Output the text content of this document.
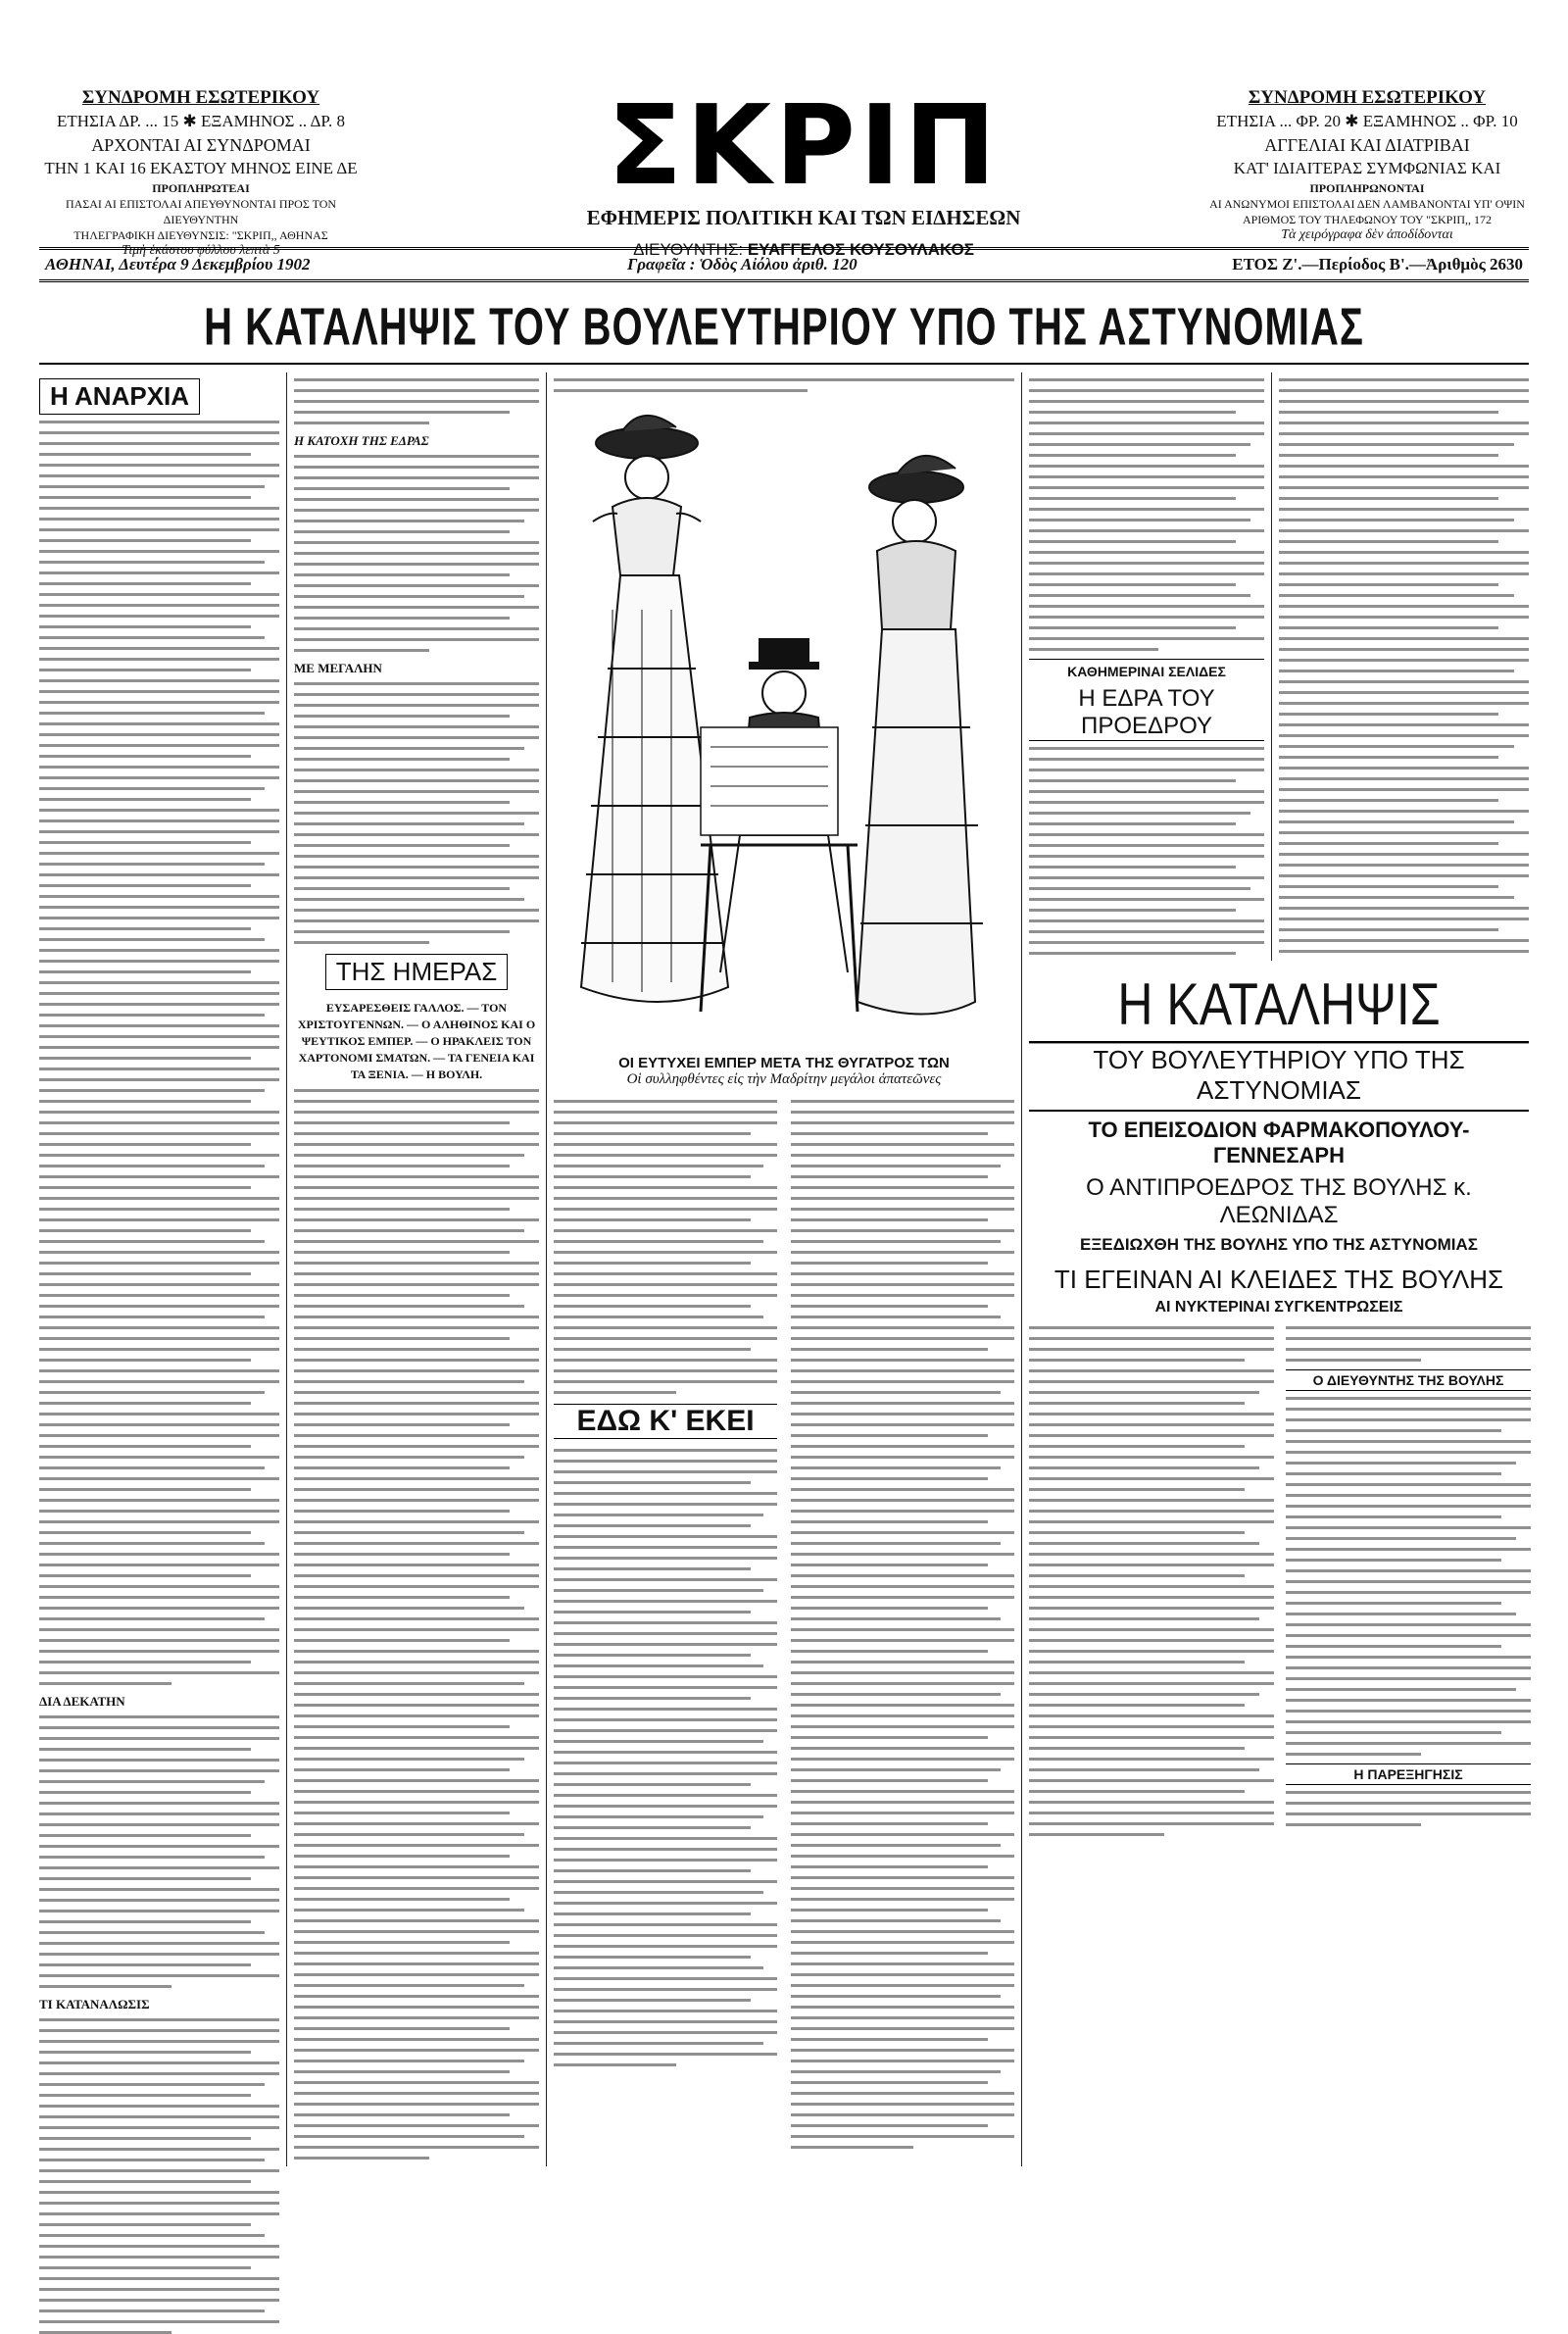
ΣΥΝΔΡΟΜΗ ΕΣΩΤΕΡΙΚΟΥ
ΕΤΗΣΙΑ ΔΡ. ... 15 ✱ ΕΞΑΜΗΝΟΣ .. ΔΡ. 8
ΑΡΧΟΝΤΑΙ ΑΙ ΣΥΝΔΡΟΜΑΙ
ΤΗΝ 1 ΚΑΙ 16 ΕΚΑΣΤΟΥ ΜΗΝΟΣ ΕΙΝΕ ΔΕ
ΠΡΟΠΛΗΡΩΤΕΑΙ
ΠΑΣΑΙ ΑΙ ΕΠΙΣΤΟΛΑΙ ΑΠΕΥΘΥΝΟΝΤΑΙ ΠΡΟΣ ΤΟΝ ΔΙΕΥΘΥΝΤΗΝ
ΤΗΛΕΓΡΑΦΙΚΗ ΔΙΕΥΘΥΝΣΙΣ: "ΣΚΡΙΠ,, ΑΘΗΝΑΣ
Τιμὴ ἑκάστου φύλλου λεπτὰ 5
ΣΚΡΙΠ
ΕΦΗΜΕΡΙΣ ΠΟΛΙΤΙΚΗ ΚΑΙ ΤΩΝ ΕΙΔΗΣΕΩΝ
ΔΙΕΥΘΥΝΤΗΣ: ΕΥΑΓΓΕΛΟΣ ΚΟΥΣΟΥΛΑΚΟΣ
ΣΥΝΔΡΟΜΗ ΕΣΩΤΕΡΙΚΟΥ
ΕΤΗΣΙΑ ... ΦΡ. 20 ✱ ΕΞΑΜΗΝΟΣ .. ΦΡ. 10
ΑΓΓΕΛΙΑΙ ΚΑΙ ΔΙΑΤΡΙΒΑΙ
ΚΑΤ' ΙΔΙΑΙΤΕΡΑΣ ΣΥΜΦΩΝΙΑΣ ΚΑΙ
ΠΡΟΠΛΗΡΩΝΟΝΤΑΙ
ΑΙ ΑΝΩΝΥΜΟΙ ΕΠΙΣΤΟΛΑΙ ΔΕΝ ΛΑΜΒΑΝΟΝΤΑΙ ΥΠ' ΟΨΙΝ
ΑΡΙΘΜΟΣ ΤΟΥ ΤΗΛΕΦΩΝΟΥ ΤΟΥ "ΣΚΡΙΠ,, 172
Τὰ χειρόγραφα δὲν ἀποδίδονται
ΑΘΗΝΑΙ, Δευτέρα 9 Δεκεμβρίου 1902	Γραφεῖα : Ὁδὸς Αἰόλου ἀριθ. 120	ΕΤΟΣ Ζ'.—Περίοδος Β'.—Ἀριθμὸς 2630
Η ΚΑΤΑΛΗΨΙΣ ΤΟΥ ΒΟΥΛΕΥΤΗΡΙΟΥ ΥΠΟ ΤΗΣ ΑΣΤΥΝΟΜΙΑΣ
Η ΑΝΑΡΧΙΑ
ΔΙΑ ΔΕΚΑΤΗΝ
ΤΙ ΚΑΤΑΝΑΛΩΣΙΣ
Η ΚΑΤΟΧΗ ΤΗΣ ΕΔΡΑΣ
ΜΕ ΜΕΓΑΛΗΝ
ΤΗΣ ΗΜΕΡΑΣ
ΕΥΣΑΡΕΣΘΕΙΣ ΓΑΛΛΟΣ. — ΤΟΝ ΧΡΙΣΤΟΥΓΕΝΝΩΝ. — Ο ΑΛΗΘΙΝΟΣ ΚΑΙ Ο ΨΕΥΤΙΚΟΣ ΕΜΠΕΡ. — Ο ΗΡΑΚΛΕΙΣ ΤΟΝ ΧΑΡΤΟΝΟΜΙ ΣΜΑΤΩΝ. — ΤΑ ΓΕΝΕΙΑ ΚΑΙ ΤΑ ΞΕΝΙΑ. — Η ΒΟΥΛΗ.
ΟΙ ΕΥΤΥΧΕΙ ΕΜΠΕΡ ΜΕΤΑ ΤΗΣ ΘΥΓΑΤΡΟΣ ΤΩΝ
Οἱ συλληφθέντες εἰς τὴν Μαδρίτην μεγάλοι ἀπατεῶνες
ΕΔΩ Κ' ΕΚΕΙ
ΚΑΘΗΜΕΡΙΝΑΙ ΣΕΛΙΔΕΣ
Η ΕΔΡΑ ΤΟΥ ΠΡΟΕΔΡΟΥ
Η ΚΑΤΑΛΗΨΙΣ
ΤΟΥ ΒΟΥΛΕΥΤΗΡΙΟΥ ΥΠΟ ΤΗΣ ΑΣΤΥΝΟΜΙΑΣ
ΤΟ ΕΠΕΙΣΟΔΙΟΝ ΦΑΡΜΑΚΟΠΟΥΛΟΥ-ΓΕΝΝΕΣΑΡΗ
Ο ΑΝΤΙΠΡΟΕΔΡΟΣ ΤΗΣ ΒΟΥΛΗΣ κ. ΛΕΩΝΙΔΑΣ
ΕΞΕΔΙΩΧΘΗ ΤΗΣ ΒΟΥΛΗΣ ΥΠΟ ΤΗΣ ΑΣΤΥΝΟΜΙΑΣ
ΤΙ ΕΓΕΙΝΑΝ ΑΙ ΚΛΕΙΔΕΣ ΤΗΣ ΒΟΥΛΗΣ
ΑΙ ΝΥΚΤΕΡΙΝΑΙ ΣΥΓΚΕΝΤΡΩΣΕΙΣ
Ο ΔΙΕΥΘΥΝΤΗΣ ΤΗΣ ΒΟΥΛΗΣ
Η ΠΑΡΕΞΗΓΗΣΙΣ
